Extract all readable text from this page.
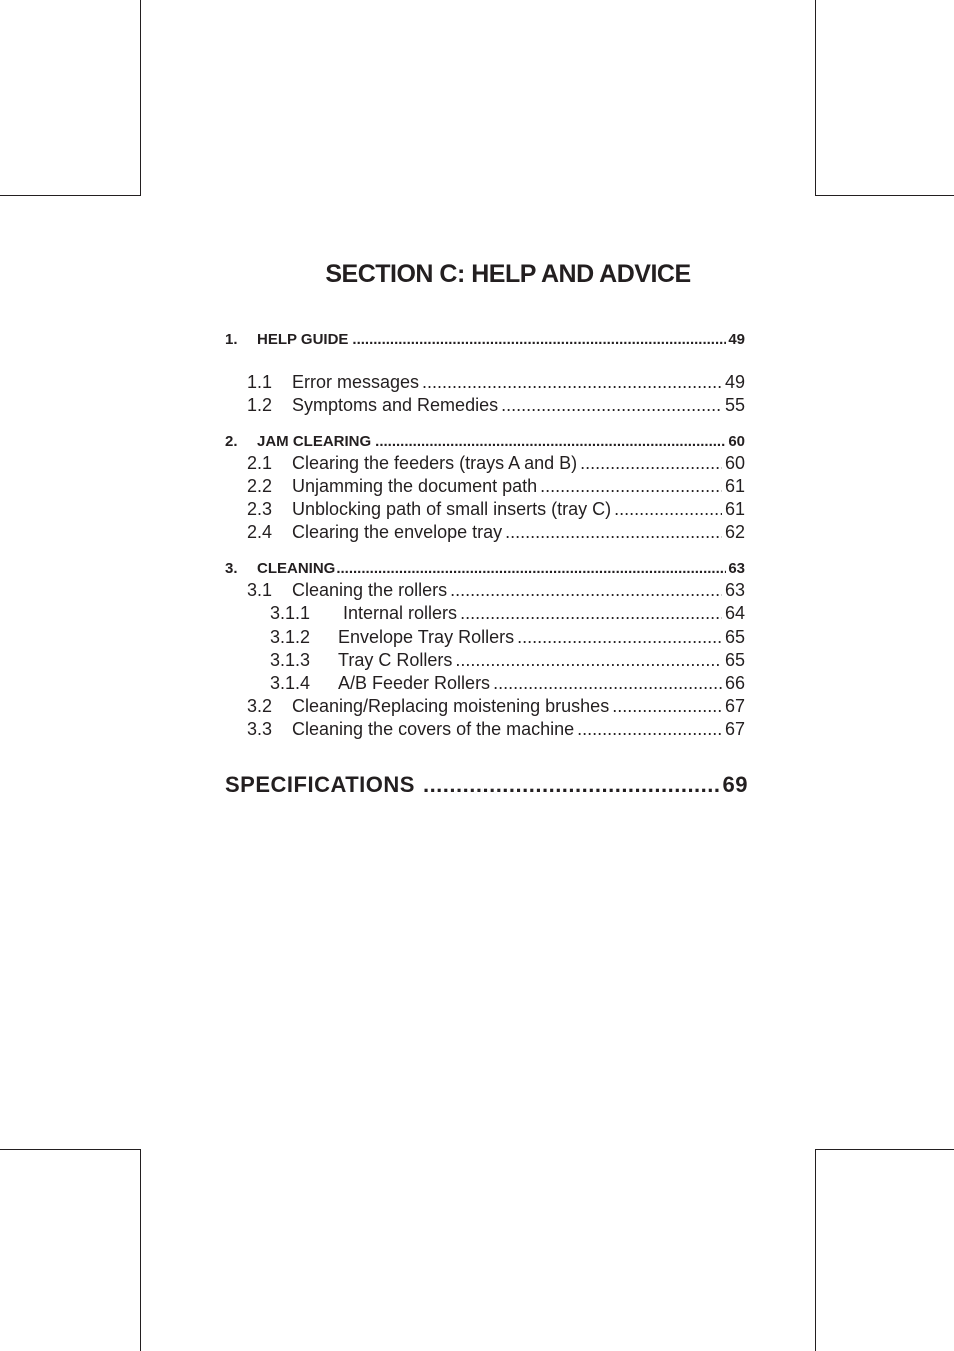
SECTION C: HELP AND ADVICE
1.	HELP GUIDE .....	49
1.1	Error messages .....	49
1.2	Symptoms and Remedies .....	55
2.	JAM CLEARING .....	60
2.1	Clearing the feeders (trays A and B) .....	60
2.2	Unjamming the document path .....	61
2.3	Unblocking path of small inserts (tray C) .....	61
2.4	Clearing the envelope tray .....	62
3.	CLEANING .....	63
3.1	Cleaning the rollers .....	63
3.1.1	Internal rollers .....	64
3.1.2	Envelope Tray Rollers .....	65
3.1.3	Tray C Rollers .....	65
3.1.4	A/B Feeder Rollers .....	66
3.2	Cleaning/Replacing moistening brushes .....	67
3.3	Cleaning the covers of the machine .....	67
SPECIFICATIONS .....	69
